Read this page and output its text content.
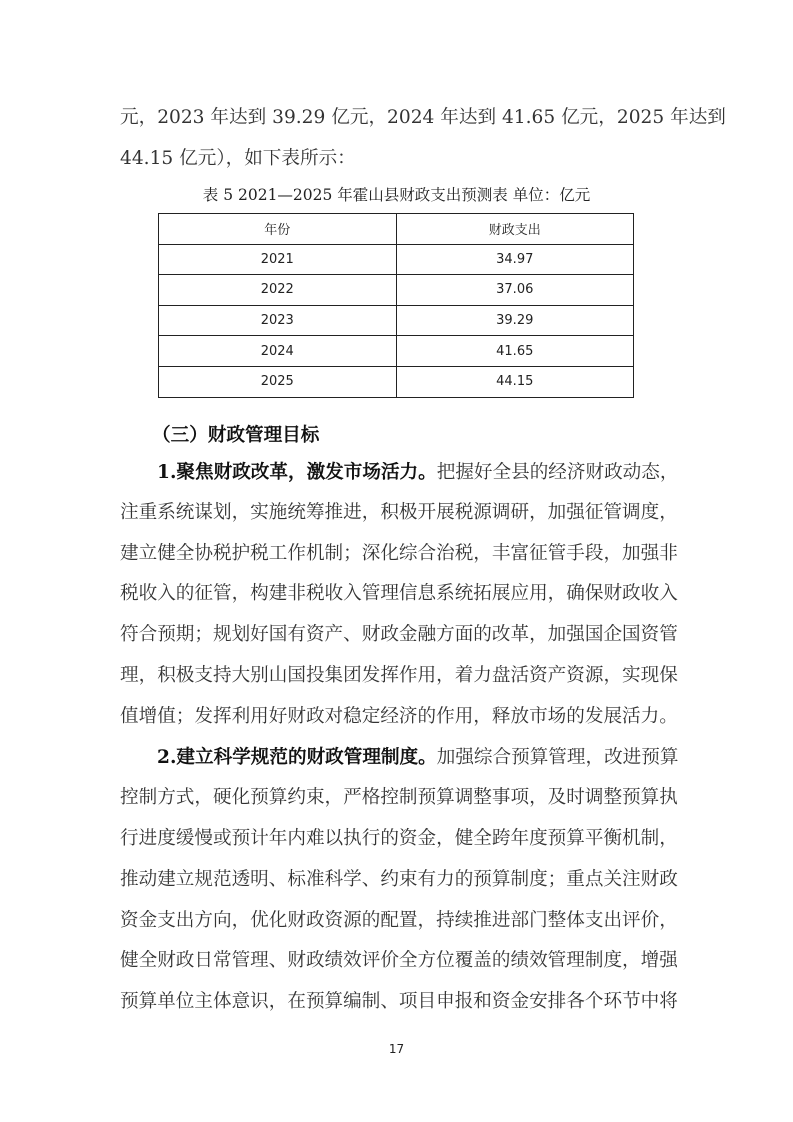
元，2023 年达到 39.29 亿元，2024 年达到 41.65 亿元，2025 年达到
44.15 亿元），如下表所示：
表 5 2021—2025 年霍山县财政支出预测表 单位：亿元
年份	财政支出
2021	34.97
2022	37.06
2023	39.29
2024	41.65
2025	44.15
（三）财政管理目标
1.聚焦财政改革，激发市场活力。把握好全县的经济财政动态，
注重系统谋划，实施统筹推进，积极开展税源调研，加强征管调度，
建立健全协税护税工作机制；深化综合治税，丰富征管手段，加强非
税收入的征管，构建非税收入管理信息系统拓展应用，确保财政收入
符合预期；规划好国有资产、财政金融方面的改革，加强国企国资管
理，积极支持大别山国投集团发挥作用，着力盘活资产资源，实现保
值增值；发挥利用好财政对稳定经济的作用，释放市场的发展活力。
2.建立科学规范的财政管理制度。加强综合预算管理，改进预算
控制方式，硬化预算约束，严格控制预算调整事项，及时调整预算执
行进度缓慢或预计年内难以执行的资金，健全跨年度预算平衡机制，
推动建立规范透明、标准科学、约束有力的预算制度；重点关注财政
资金支出方向，优化财政资源的配置，持续推进部门整体支出评价，
健全财政日常管理、财政绩效评价全方位覆盖的绩效管理制度，增强
预算单位主体意识，在预算编制、项目申报和资金安排各个环节中将
17
